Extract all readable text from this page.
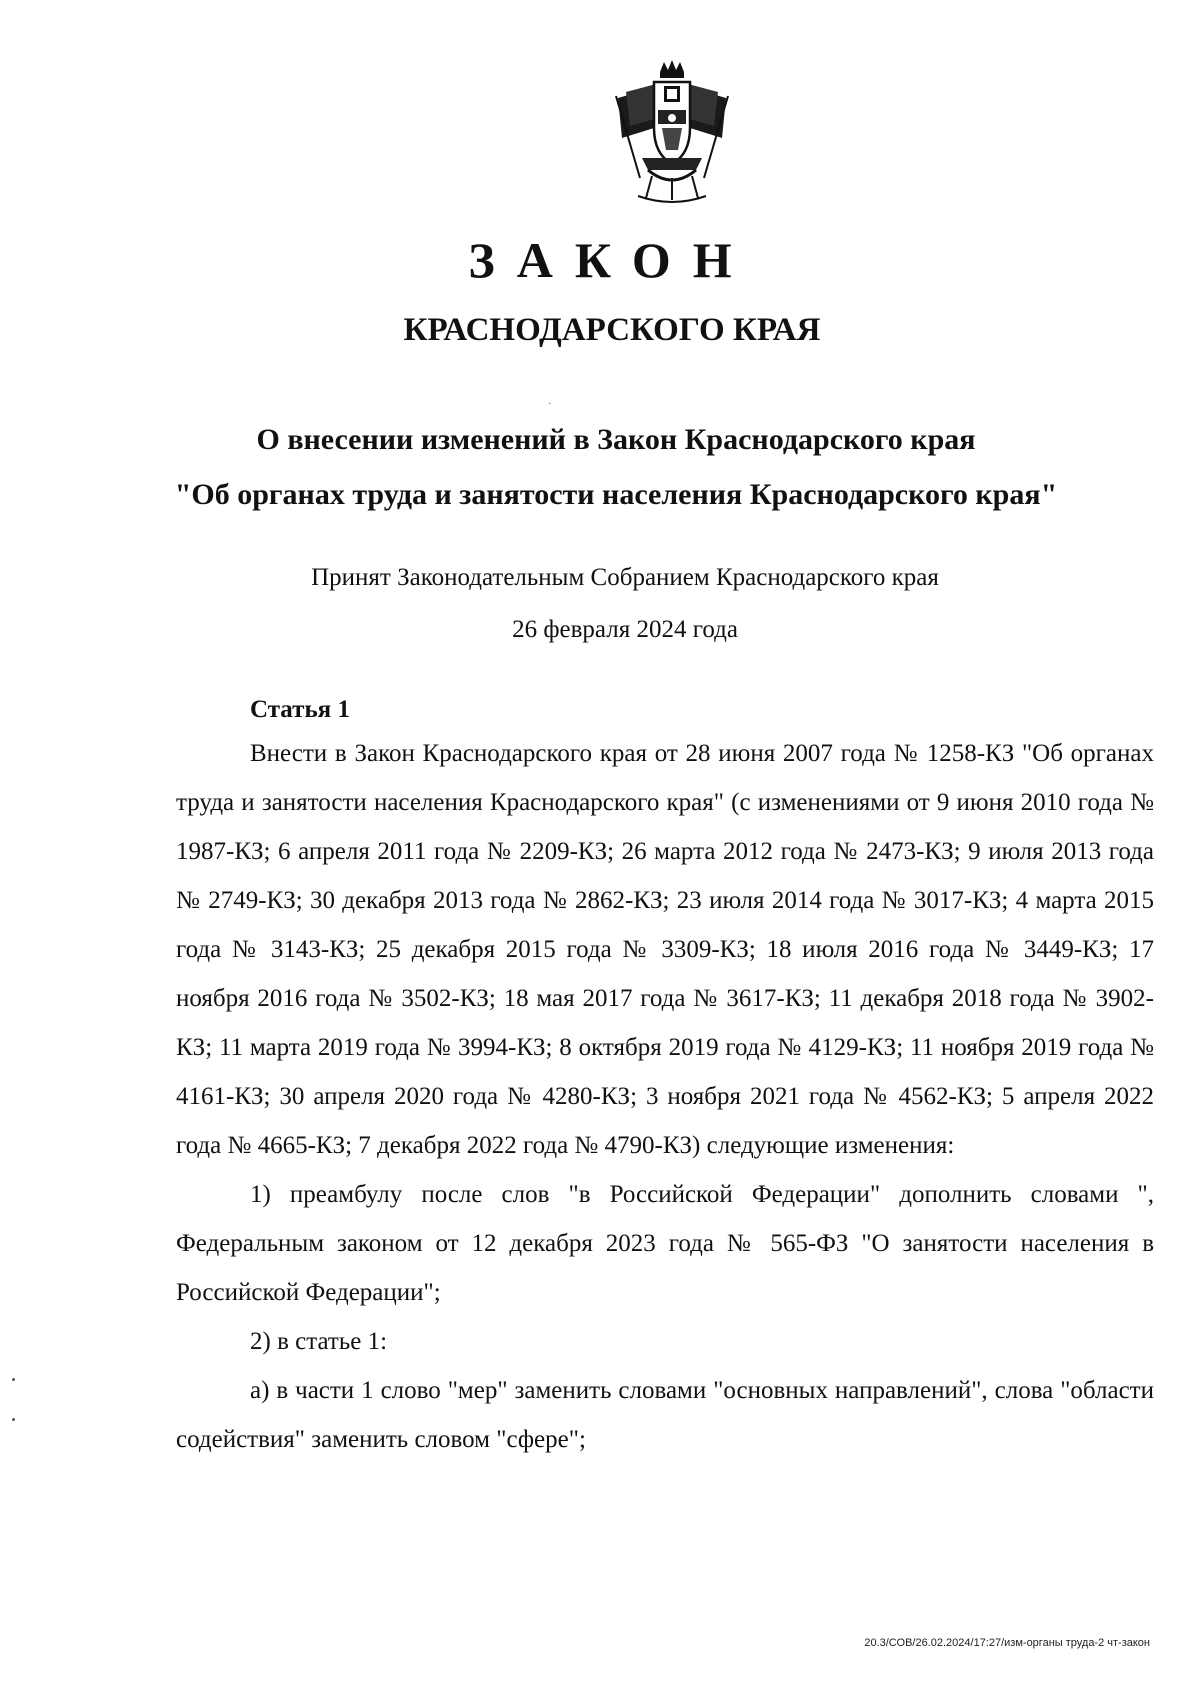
ЗАКОН
КРАСНОДАРСКОГО КРАЯ
·
О внесении изменений в Закон Краснодарского края
"Об органах труда и занятости населения Краснодарского края"
Принят Законодательным Собранием Краснодарского края
26 февраля 2024 года
Статья 1

Внести в Закон Краснодарского края от 28 июня 2007 года № 1258-КЗ "Об органах труда и занятости населения Краснодарского края" (с изменениями от 9 июня 2010 года № 1987-КЗ; 6 апреля 2011 года № 2209-КЗ; 26 марта 2012 года № 2473-КЗ; 9 июля 2013 года № 2749-КЗ; 30 декабря 2013 года № 2862-КЗ; 23 июля 2014 года № 3017-КЗ; 4 марта 2015 года № 3143-КЗ; 25 декабря 2015 года № 3309-КЗ; 18 июля 2016 года № 3449-КЗ; 17 ноября 2016 года № 3502-КЗ; 18 мая 2017 года № 3617-КЗ; 11 декабря 2018 года № 3902-КЗ; 11 марта 2019 года № 3994-КЗ; 8 октября 2019 года № 4129-КЗ; 11 ноября 2019 года № 4161-КЗ; 30 апреля 2020 года № 4280-КЗ; 3 ноября 2021 года № 4562-КЗ; 5 апреля 2022 года № 4665-КЗ; 7 декабря 2022 года № 4790-КЗ) следующие изменения:

1) преамбулу после слов "в Российской Федерации" дополнить словами ", Федеральным законом от 12 декабря 2023 года № 565-ФЗ "О занятости населения в Российской Федерации";

2) в статье 1:

а) в части 1 слово "мер" заменить словами "основных направлений", слова "области содействия" заменить словом "сфере";

20.3/СОВ/26.02.2024/17:27/изм-органы труда-2 чт-закон
